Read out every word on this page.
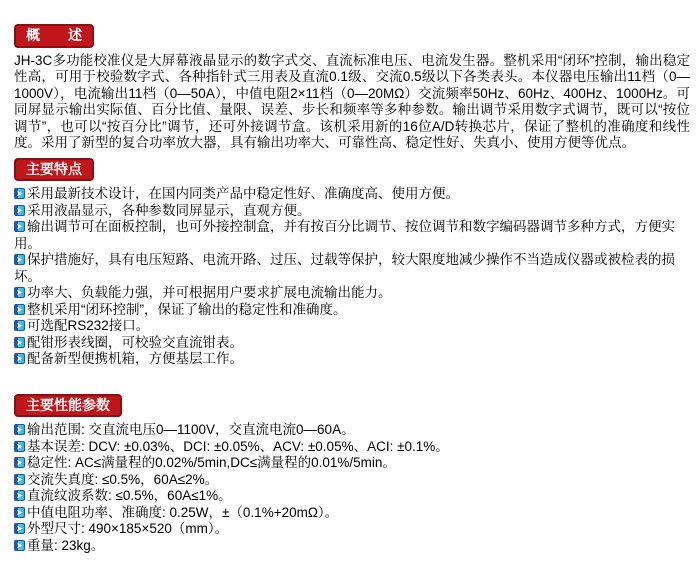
概　　述
JH-3C多功能校准仪是大屏幕液晶显示的数字式交、直流标准电压、电流发生器。整机采用“闭环”控制，输出稳定性高，可用于校验数字式、各种指针式三用表及直流0.1级、交流0.5级以下各类表头。本仪器电压输出11档（0—1000V），电流输出11档（0—50A），中值电阻2×11档（0—20MΩ）交流频率50Hz、60Hz、400Hz、1000Hz。可同屏显示输出实际值、百分比值、量限、误差、步长和频率等多种参数。输出调节采用数字式调节，既可以“按位调节”，也可以“按百分比”调节，还可外接调节盒。该机采用新的16位A/D转换芯片，保证了整机的准确度和线性度。采用了新型的复合功率放大器，具有输出功率大、可靠性高、稳定性好、失真小、使用方便等优点。
主要特点
➤ 采用最新技术设计，在国内同类产品中稳定性好、准确度高、使用方便。
➤ 采用液晶显示，各种参数同屏显示，直观方便。
➤ 输出调节可在面板控制，也可外接控制盒，并有按百分比调节、按位调节和数字编码器调节多种方式，方便实用。
➤ 保护措施好，具有电压短路、电流开路、过压、过载等保护，较大限度地减少操作不当造成仪器或被检表的损坏。
➤ 功率大、负载能力强，并可根据用户要求扩展电流输出能力。
➤ 整机采用“闭环控制”，保证了输出的稳定性和准确度。
➤ 可选配RS232接口。
➤ 配钳形表线圈，可校验交直流钳表。
➤ 配备新型便携机箱，方便基层工作。
主要性能参数
➤ 输出范围: 交直流电压0—1100V，交直流电流0—60A。
➤ 基本误差: DCV: ±0.03%、DCI: ±0.05%、ACV: ±0.05%、ACI: ±0.1%。
➤ 稳定性: AC≤满量程的0.02%/5min,DC≤满量程的0.01%/5min。
➤ 交流失真度: ≤0.5%，60A≤2%。
➤ 直流纹波系数: ≤0.5%，60A≤1%。
➤ 中值电阻功率、准确度: 0.25W，±（0.1%+20mΩ）。
➤ 外型尺寸: 490×185×520（mm）。
➤ 重量: 23kg。
